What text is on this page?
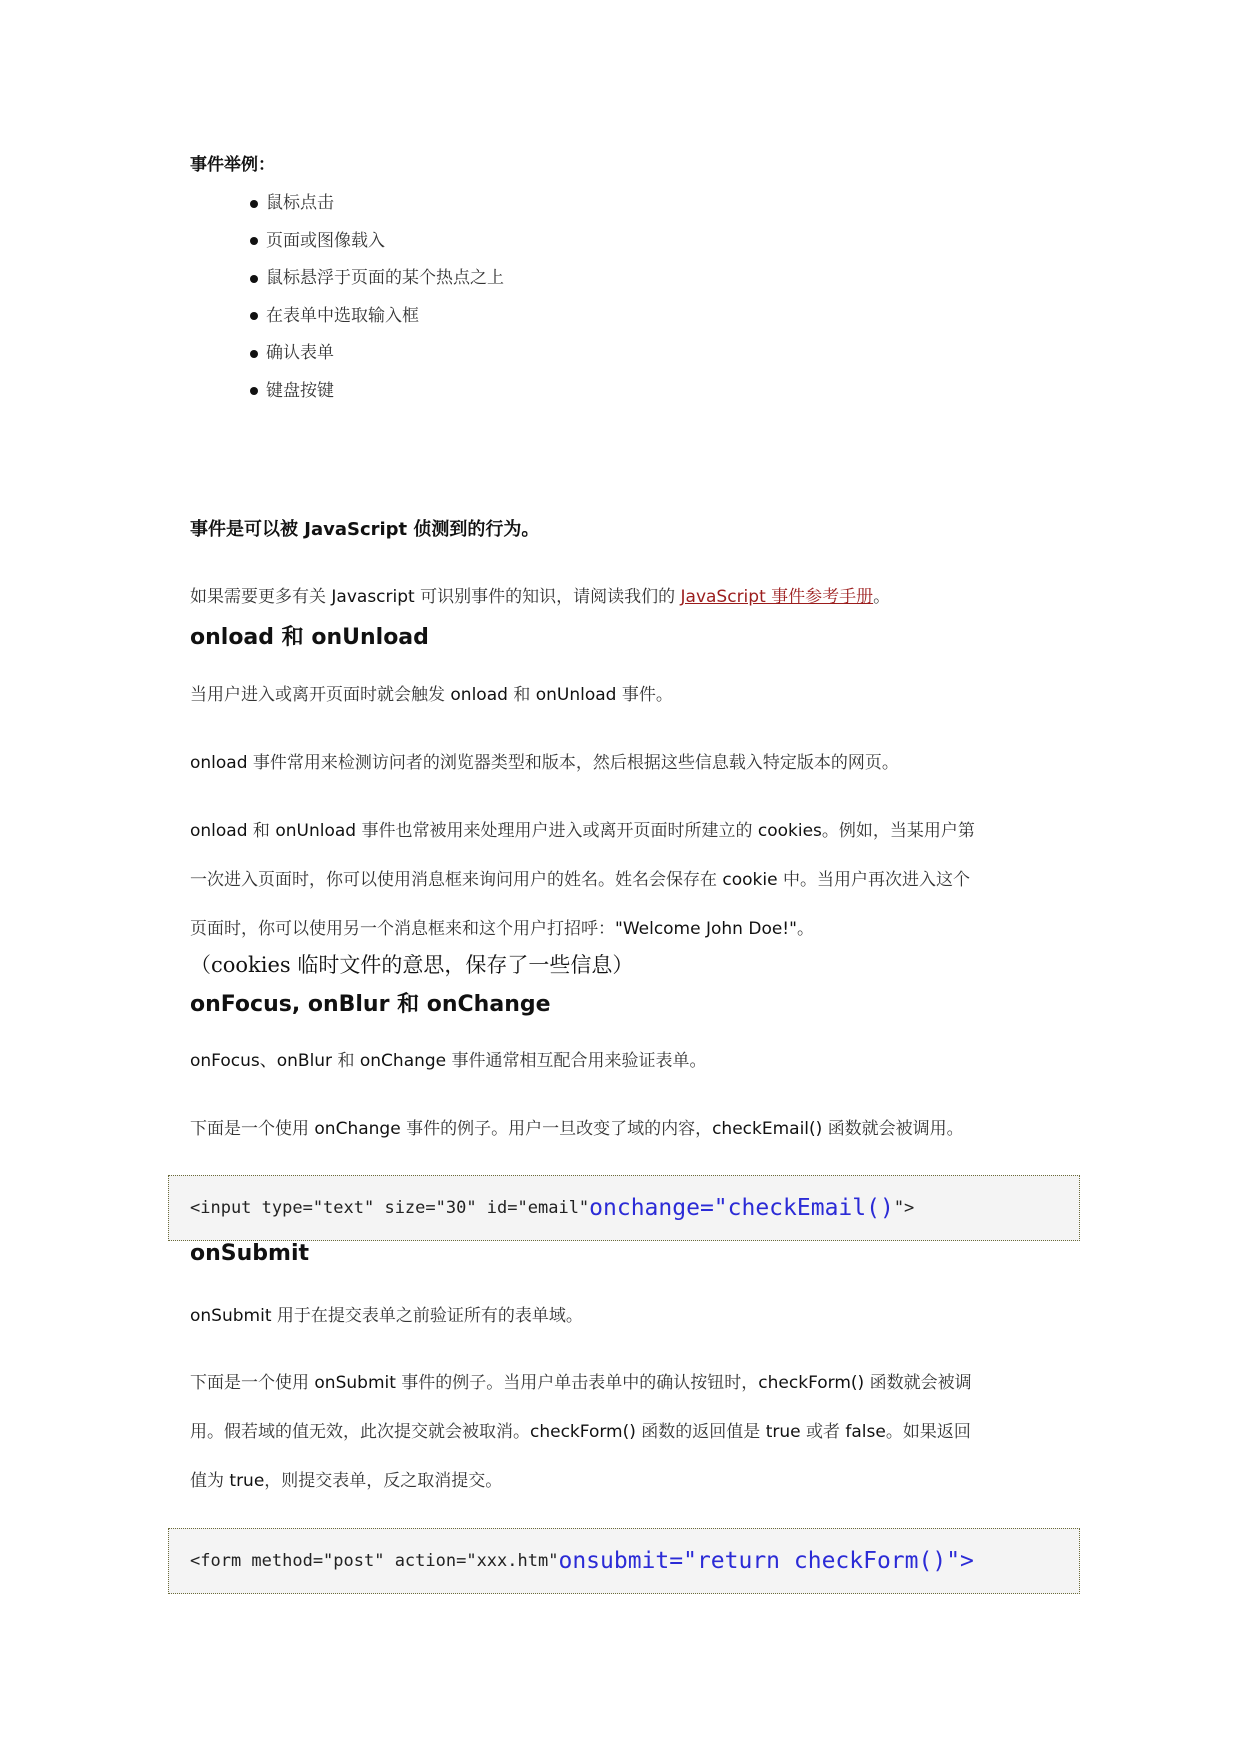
事件举例：
鼠标点击
页面或图像载入
鼠标悬浮于页面的某个热点之上
在表单中选取输入框
确认表单
键盘按键
事件是可以被 JavaScript 侦测到的行为。
如果需要更多有关 Javascript 可识别事件的知识，请阅读我们的 JavaScript 事件参考手册。
onload 和 onUnload
当用户进入或离开页面时就会触发 onload 和 onUnload 事件。
onload 事件常用来检测访问者的浏览器类型和版本，然后根据这些信息载入特定版本的网页。
onload 和 onUnload 事件也常被用来处理用户进入或离开页面时所建立的 cookies。例如，当某用户第
一次进入页面时，你可以使用消息框来询问用户的姓名。姓名会保存在 cookie 中。当用户再次进入这个
页面时，你可以使用另一个消息框来和这个用户打招呼："Welcome John Doe!"。
（cookies 临时文件的意思，保存了一些信息）
onFocus, onBlur 和 onChange
onFocus、onBlur 和 onChange 事件通常相互配合用来验证表单。
下面是一个使用 onChange 事件的例子。用户一旦改变了域的内容，checkEmail() 函数就会被调用。
<input type="text" size="30" id="email" onchange="checkEmail() ">
onSubmit
onSubmit 用于在提交表单之前验证所有的表单域。
下面是一个使用 onSubmit 事件的例子。当用户单击表单中的确认按钮时，checkForm() 函数就会被调
用。假若域的值无效，此次提交就会被取消。checkForm() 函数的返回值是 true 或者 false。如果返回
值为 true，则提交表单，反之取消提交。
<form method="post" action="xxx.htm" onsubmit="return checkForm()">
